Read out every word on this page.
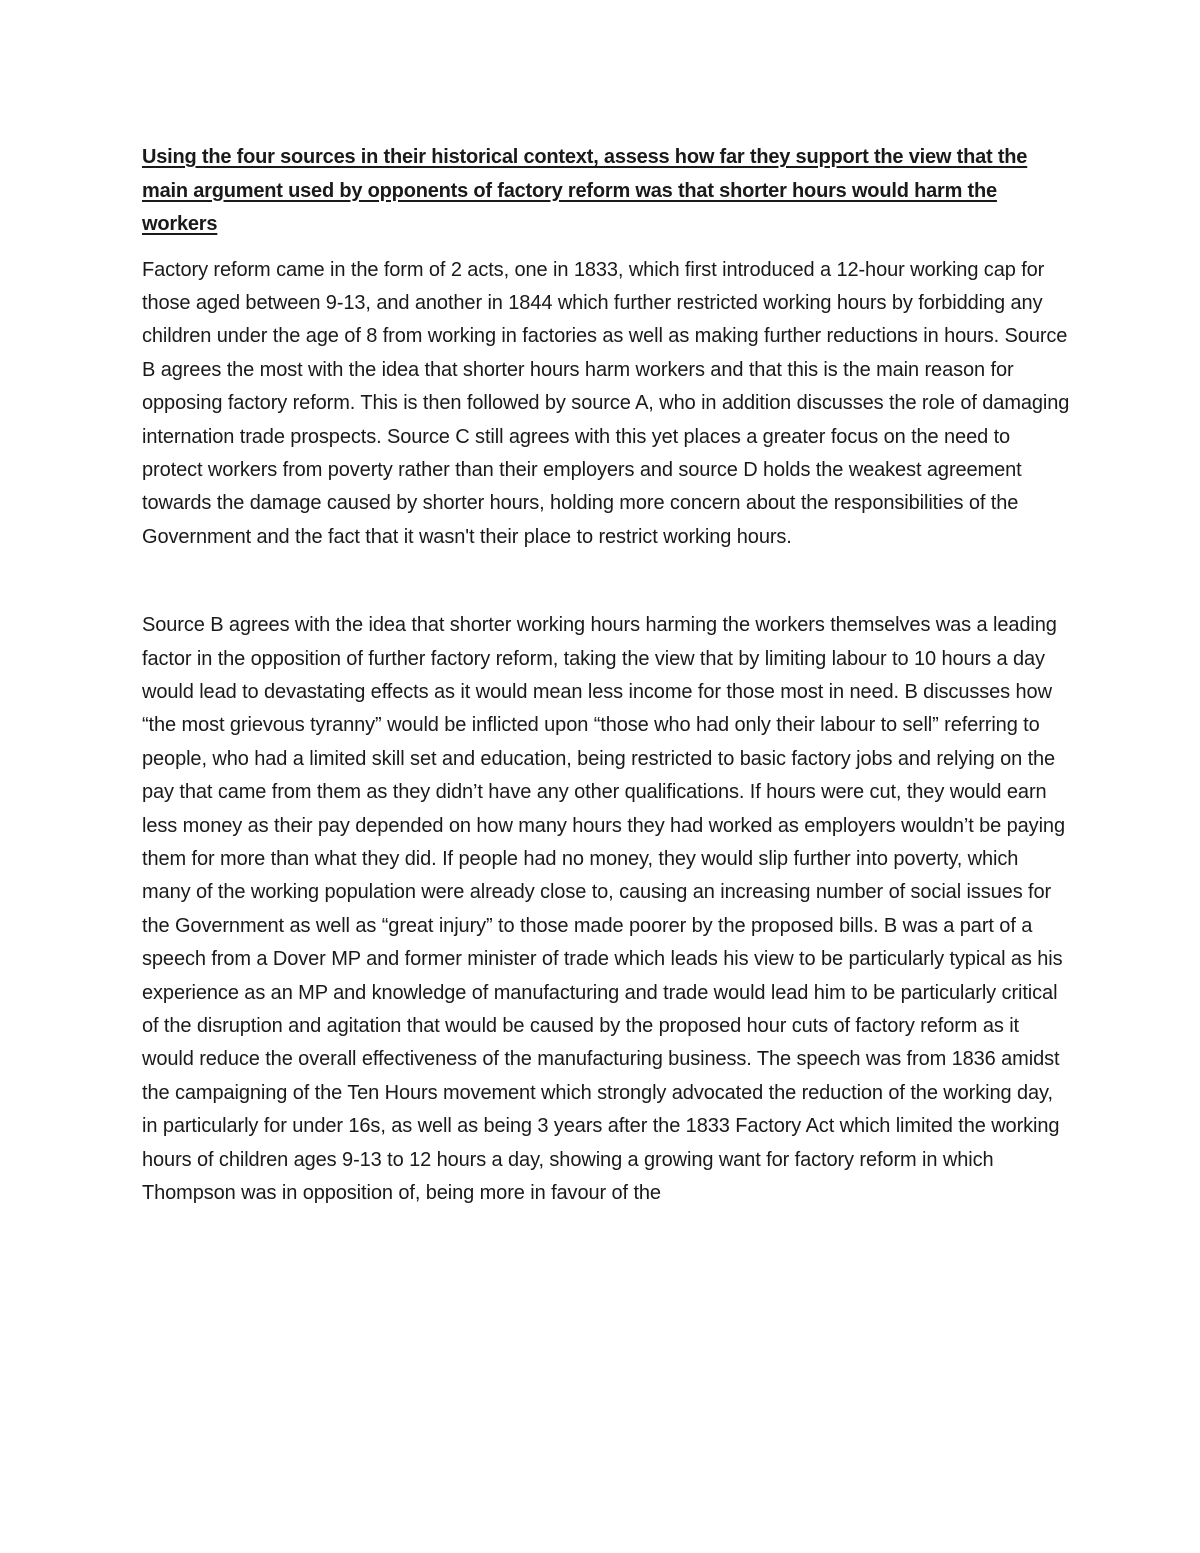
Using the four sources in their historical context, assess how far they support the view that the main argument used by opponents of factory reform was that shorter hours would harm the workers

Factory reform came in the form of 2 acts, one in 1833, which first introduced a 12-hour working cap for those aged between 9-13, and another in 1844 which further restricted working hours by forbidding any children under the age of 8 from working in factories as well as making further reductions in hours. Source B agrees the most with the idea that shorter hours harm workers and that this is the main reason for opposing factory reform. This is then followed by source A, who in addition discusses the role of damaging internation trade prospects. Source C still agrees with this yet places a greater focus on the need to protect workers from poverty rather than their employers and source D holds the weakest agreement towards the damage caused by shorter hours, holding more concern about the responsibilities of the Government and the fact that it wasn't their place to restrict working hours.

Source B agrees with the idea that shorter working hours harming the workers themselves was a leading factor in the opposition of further factory reform, taking the view that by limiting labour to 10 hours a day would lead to devastating effects as it would mean less income for those most in need. B discusses how “the most grievous tyranny” would be inflicted upon “those who had only their labour to sell” referring to people, who had a limited skill set and education, being restricted to basic factory jobs and relying on the pay that came from them as they didn’t have any other qualifications. If hours were cut, they would earn less money as their pay depended on how many hours they had worked as employers wouldn’t be paying them for more than what they did. If people had no money, they would slip further into poverty, which many of the working population were already close to, causing an increasing number of social issues for the Government as well as “great injury” to those made poorer by the proposed bills. B was a part of a speech from a Dover MP and former minister of trade which leads his view to be particularly typical as his experience as an MP and knowledge of manufacturing and trade would lead him to be particularly critical of the disruption and agitation that would be caused by the proposed hour cuts of factory reform as it would reduce the overall effectiveness of the manufacturing business. The speech was from 1836 amidst the campaigning of the Ten Hours movement which strongly advocated the reduction of the working day, in particularly for under 16s, as well as being 3 years after the 1833 Factory Act which limited the working hours of children ages 9-13 to 12 hours a day, showing a growing want for factory reform in which Thompson was in opposition of, being more in favour of the
